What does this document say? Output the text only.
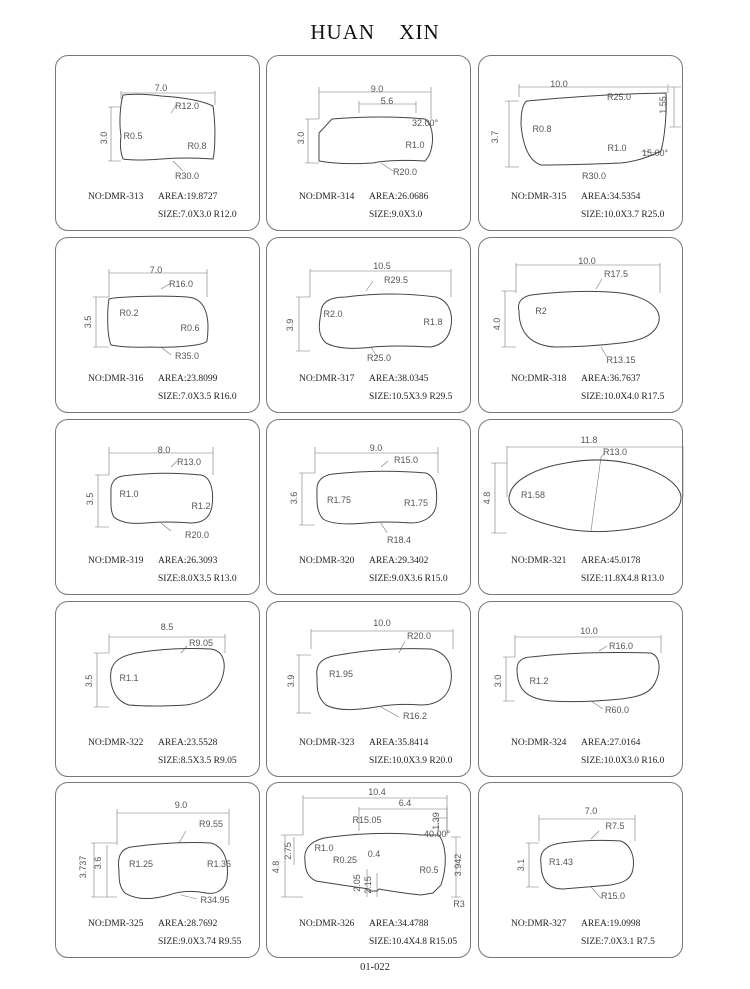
HUAN XIN
7.0
R12.0
3.0 R0.5
R0.8
R30.0
NO:DMR-313 AREA:19.8727
SIZE:7.0X3.0 R12.0
9.0
5.6
3.0
32.00°
R1.0
R20.0
NO:DMR-314 AREA:26.0686
SIZE:9.0X3.0
10.0
R25.0	1.55
3.7
R0.8
R1.0 15.00°
R30.0
NO:DMR-315 AREA:34.5354
SIZE:10.0X3.7 R25.0
7.0
R16.0
3.5
R0.2
R0.6
R35.0
NO:DMR-316 AREA:23.8099
SIZE:7.0X3.5 R16.0
10.5
R29.5
3.9
R2.0
R1.8
R25.0
NO:DMR-317 AREA:38.0345
SIZE:10.5X3.9 R29.5
10.0
R17.5
4.0
R2
R13.15
NO:DMR-318 AREA:36.7637
SIZE:10.0X4.0 R17.5
8.0
R13.0
3.5	R1.0
R1.2
R20.0
NO:DMR-319 AREA:26.3093
SIZE:8.0X3.5 R13.0
9.0
R15.0
3.6	R1.75	R1.75
R18.4
NO:DMR-320 AREA:29.3402
SIZE:9.0X3.6 R15.0
11.8
R13.0
4.8	R1.58
NO:DMR-321 AREA:45.0178
SIZE:11.8X4.8 R13.0
8.5
R9.05
3.5	R1.1
NO:DMR-322 AREA:23.5528
SIZE:8.5X3.5 R9.05
10.0
R20.0
3.9
R1.95
R16.2
NO:DMR-323 AREA:35.8414
SIZE:10.0X3.9 R20.0
10.0
R16.0
3.0	R1.2
R60.0
NO:DMR-324 AREA:27.0164
SIZE:10.0X3.0 R16.0
9.0
R9.55
3.737 3.6	R1.25	R1.35
R34.95
NO:DMR-325 AREA:28.7692
SIZE:9.0X3.74 R9.55
10.4
6.4
R15.05	1.39
4.8
2.75 R1.0
R0.25
0.4
2.05 2.15
R0.5
40.00°
3.942
R3
NO:DMR-326 AREA:34.4788
SIZE:10.4X4.8 R15.05
7.0
R7.5
3.1	R1.43
R15.0
NO:DMR-327 AREA:19.0998
SIZE:7.0X3.1 R7.5
01-022
